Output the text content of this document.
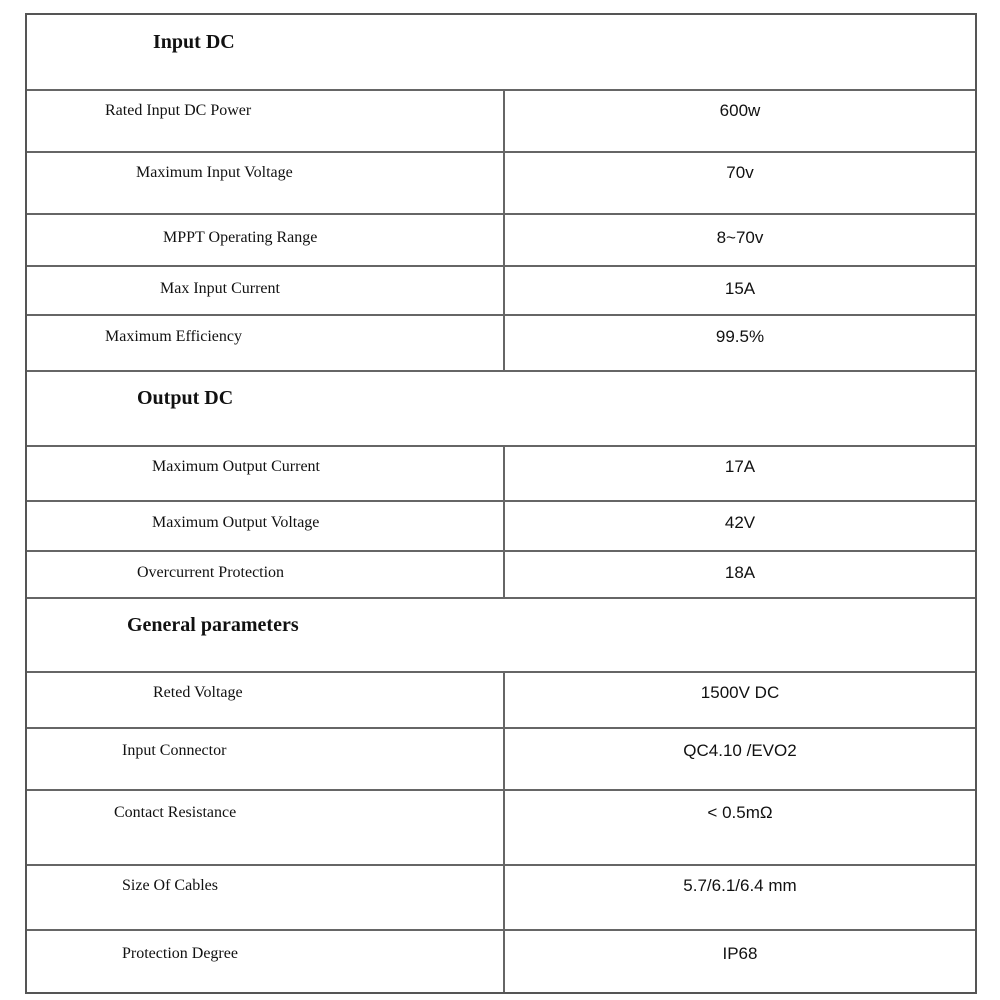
Input DC
Rated Input DC Power	600w
Maximum Input Voltage	70v
MPPT Operating Range	8~70v
Max Input Current	15A
Maximum Efficiency	99.5%
Output DC
Maximum Output Current	17A
Maximum Output Voltage	42V
Overcurrent Protection	18A
General parameters
Reted Voltage	1500V DC
Input Connector	QC4.10 /EVO2
Contact Resistance	< 0.5mΩ
Size Of Cables	5.7/6.1/6.4 mm
Protection Degree	IP68
